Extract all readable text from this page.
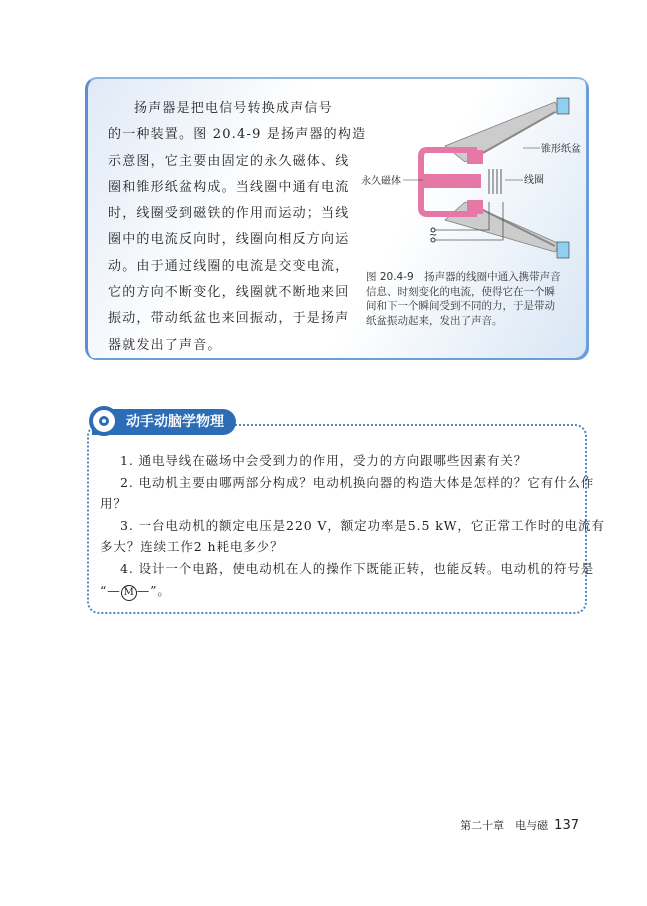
扬声器是把电信号转换成声信号
的一种装置。图 20.4-9 是扬声器的构造
示意图，它主要由固定的永久磁体、线
圈和锥形纸盆构成。当线圈中通有电流
时，线圈受到磁铁的作用而运动；当线
圈中的电流反向时，线圈向相反方向运
动。由于通过线圈的电流是交变电流，
它的方向不断变化，线圈就不断地来回
振动，带动纸盆也来回振动，于是扬声
器就发出了声音。
~
锥形纸盆
线圈
永久磁体
图 20.4-9　扬声器的线圈中通入携带声音
信息、时刻变化的电流，使得它在一个瞬
间和下一个瞬间受到不同的力，于是带动
纸盆振动起来，发出了声音。
动手动脑学物理
1. 通电导线在磁场中会受到力的作用，受力的方向跟哪些因素有关？
2. 电动机主要由哪两部分构成？电动机换向器的构造大体是怎样的？它有什么作
用？
3. 一台电动机的额定电压是220 V，额定功率是5.5 kW，它正常工作时的电流有
多大？连续工作2 h耗电多少？
4. 设计一个电路，使电动机在人的操作下既能正转，也能反转。电动机的符号是
“— M —”。
第二十章　电与磁 137
